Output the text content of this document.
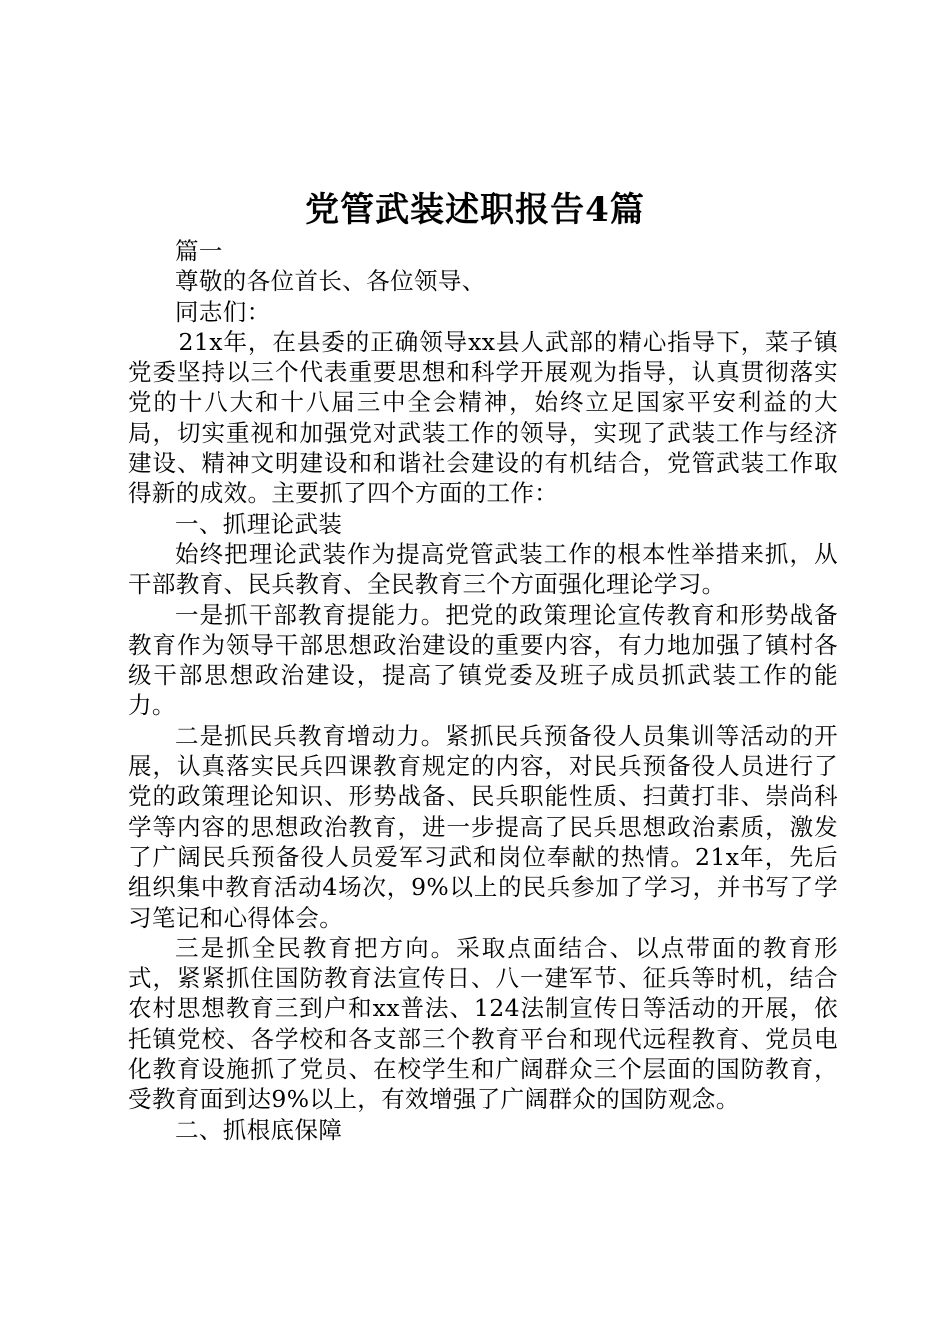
党管武装述职报告4篇

篇一

尊敬的各位首长、各位领导、

同志们：

21x年，在县委的正确领导xx县人武部的精心指导下，菜子镇党委坚持以三个代表重要思想和科学开展观为指导，认真贯彻落实党的十八大和十八届三中全会精神，始终立足国家平安利益的大局，切实重视和加强党对武装工作的领导，实现了武装工作与经济建设、精神文明建设和和谐社会建设的有机结合，党管武装工作取得新的成效。主要抓了四个方面的工作：

一、抓理论武装

始终把理论武装作为提高党管武装工作的根本性举措来抓，从干部教育、民兵教育、全民教育三个方面强化理论学习。

一是抓干部教育提能力。把党的政策理论宣传教育和形势战备教育作为领导干部思想政治建设的重要内容，有力地加强了镇村各级干部思想政治建设，提高了镇党委及班子成员抓武装工作的能力。

二是抓民兵教育增动力。紧抓民兵预备役人员集训等活动的开展，认真落实民兵四课教育规定的内容，对民兵预备役人员进行了党的政策理论知识、形势战备、民兵职能性质、扫黄打非、崇尚科学等内容的思想政治教育，进一步提高了民兵思想政治素质，激发了广阔民兵预备役人员爱军习武和岗位奉献的热情。21x年，先后组织集中教育活动4场次，9%以上的民兵参加了学习，并书写了学习笔记和心得体会。

三是抓全民教育把方向。采取点面结合、以点带面的教育形式，紧紧抓住国防教育法宣传日、八一建军节、征兵等时机，结合农村思想教育三到户和xx普法、124法制宣传日等活动的开展，依托镇党校、各学校和各支部三个教育平台和现代远程教育、党员电化教育设施抓了党员、在校学生和广阔群众三个层面的国防教育，受教育面到达9%以上，有效增强了广阔群众的国防观念。

二、抓根底保障
